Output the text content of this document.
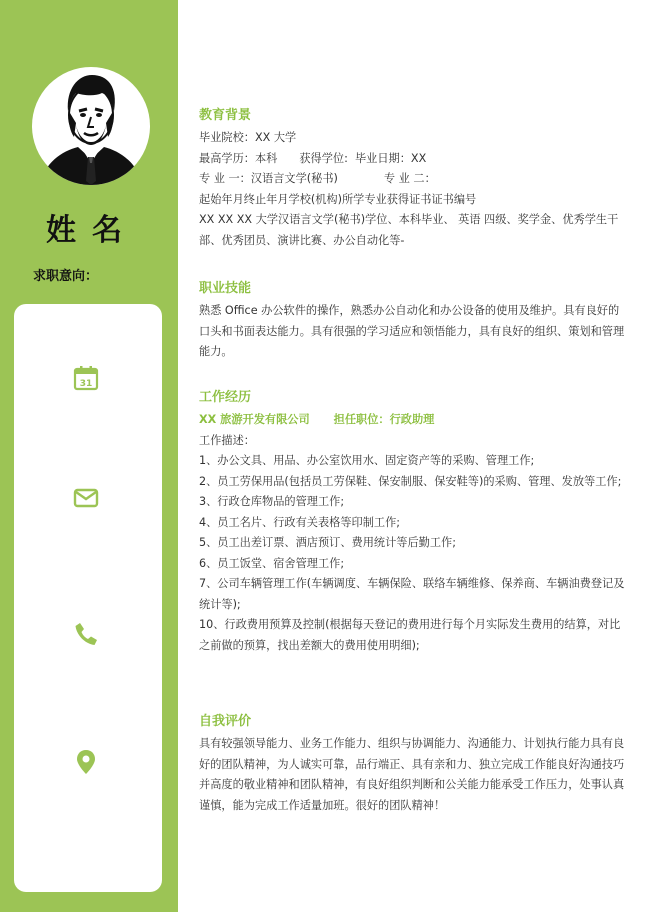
姓名
求职意向：
31
教育背景
毕业院校：XX 大学
最高学历：本科 获得学位: 毕业日期：XX
专 业 一：汉语言文学(秘书)	专 业 二：
起始年月终止年月学校(机构)所学专业获得证书证书编号
XX XX XX 大学汉语言文学(秘书)学位、本科毕业、 英语 四级、奖学金、优秀学生干部、优秀团员、演讲比赛、办公自动化等-
职业技能
熟悉 Office 办公软件的操作，熟悉办公自动化和办公设备的使用及维护。具有良好的口头和书面表达能力。具有很强的学习适应和领悟能力，具有良好的组织、策划和管理能力。
工作经历
XX 旅游开发有限公司 担任职位：行政助理
工作描述：
1、办公文具、用品、办公室饮用水、固定资产等的采购、管理工作;
2、员工劳保用品(包括员工劳保鞋、保安制服、保安鞋等)的采购、管理、发放等工作;
3、行政仓库物品的管理工作;
4、员工名片、行政有关表格等印制工作;
5、员工出差订票、酒店预订、费用统计等后勤工作;
6、员工饭堂、宿舍管理工作;
7、公司车辆管理工作(车辆调度、车辆保险、联络车辆维修、保养商、车辆油费登记及统计等);
10、行政费用预算及控制(根据每天登记的费用进行每个月实际发生费用的结算，对比之前做的预算，找出差额大的费用使用明细);
自我评价
具有较强领导能力、业务工作能力、组织与协调能力、沟通能力、计划执行能力具有良好的团队精神，为人诚实可靠，品行端正、具有亲和力、独立完成工作能良好沟通技巧并高度的敬业精神和团队精神，有良好组织判断和公关能力能承受工作压力，处事认真谨慎，能为完成工作适量加班。很好的团队精神！
